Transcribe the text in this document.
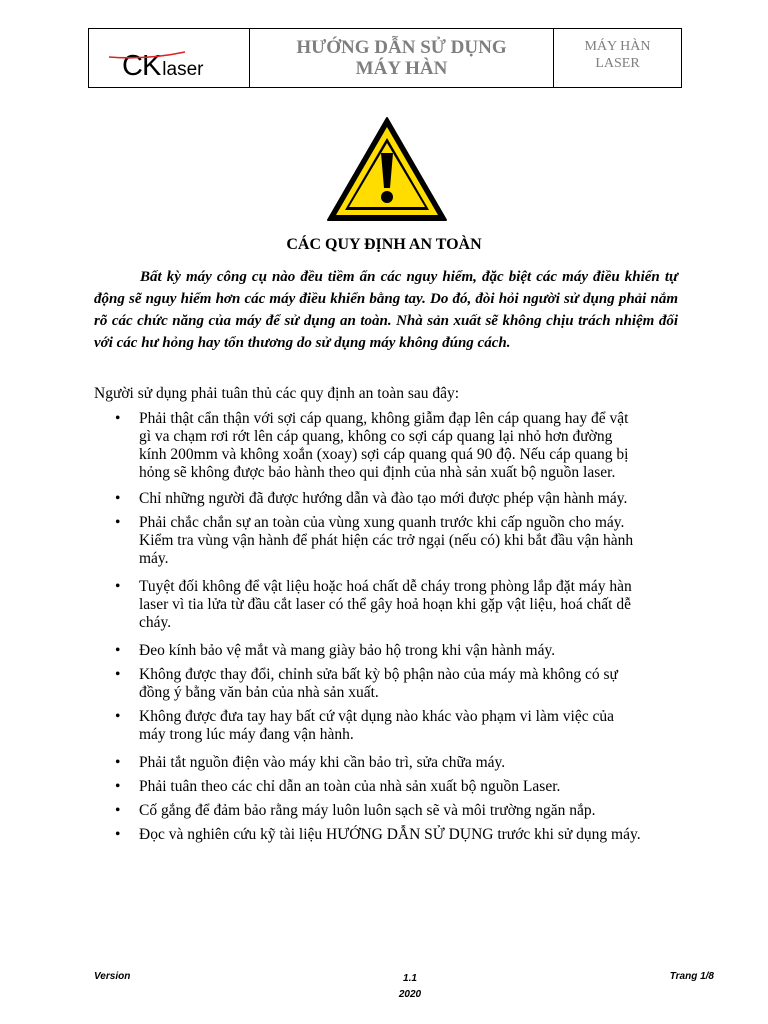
CK laser
HƯỚNG DẪN SỬ DỤNG
MÁY HÀN
MÁY HÀN
LASER
CÁC QUY ĐỊNH AN TOÀN

Bất kỳ máy công cụ nào đều tiềm ẩn các nguy hiểm, đặc biệt các máy điều khiển tự động sẽ nguy hiểm hơn các máy điều khiển bằng tay. Do đó, đòi hỏi người sử dụng phải nắm rõ các chức năng của máy để sử dụng an toàn. Nhà sản xuất sẽ không chịu trách nhiệm đối với các hư hỏng hay tổn thương do sử dụng máy không đúng cách.

Người sử dụng phải tuân thủ các quy định an toàn sau đây:

• Phải thật cẩn thận với sợi cáp quang, không giẫm đạp lên cáp quang hay để vật
gì va chạm rơi rớt lên cáp quang, không co sợi cáp quang lại nhỏ hơn đường
kính 200mm và không xoắn (xoay) sợi cáp quang quá 90 độ. Nếu cáp quang bị
hỏng sẽ không được bảo hành theo qui định của nhà sản xuất bộ nguồn laser.
• Chỉ những người đã được hướng dẫn và đào tạo mới được phép vận hành máy.
• Phải chắc chắn sự an toàn của vùng xung quanh trước khi cấp nguồn cho máy.
Kiểm tra vùng vận hành để phát hiện các trở ngại (nếu có) khi bắt đầu vận hành
máy.
• Tuyệt đối không để vật liệu hoặc hoá chất dễ cháy trong phòng lắp đặt máy hàn
laser vì tia lửa từ đầu cắt laser có thể gây hoả hoạn khi gặp vật liệu, hoá chất dễ
cháy.
• Đeo kính bảo vệ mắt và mang giày bảo hộ trong khi vận hành máy.
• Không được thay đổi, chỉnh sửa bất kỳ bộ phận nào của máy mà không có sự
đồng ý bằng văn bản của nhà sản xuất.
• Không được đưa tay hay bất cứ vật dụng nào khác vào phạm vi làm việc của
máy trong lúc máy đang vận hành.
• Phải tắt nguồn điện vào máy khi cần bảo trì, sửa chữa máy.
• Phải tuân theo các chỉ dẫn an toàn của nhà sản xuất bộ nguồn Laser.
• Cố gắng để đảm bảo rằng máy luôn luôn sạch sẽ và môi trường ngăn nắp.
• Đọc và nghiên cứu kỹ tài liệu HƯỚNG DẪN SỬ DỤNG trước khi sử dụng máy.
Version	1.1
2020
Trang 1/8
